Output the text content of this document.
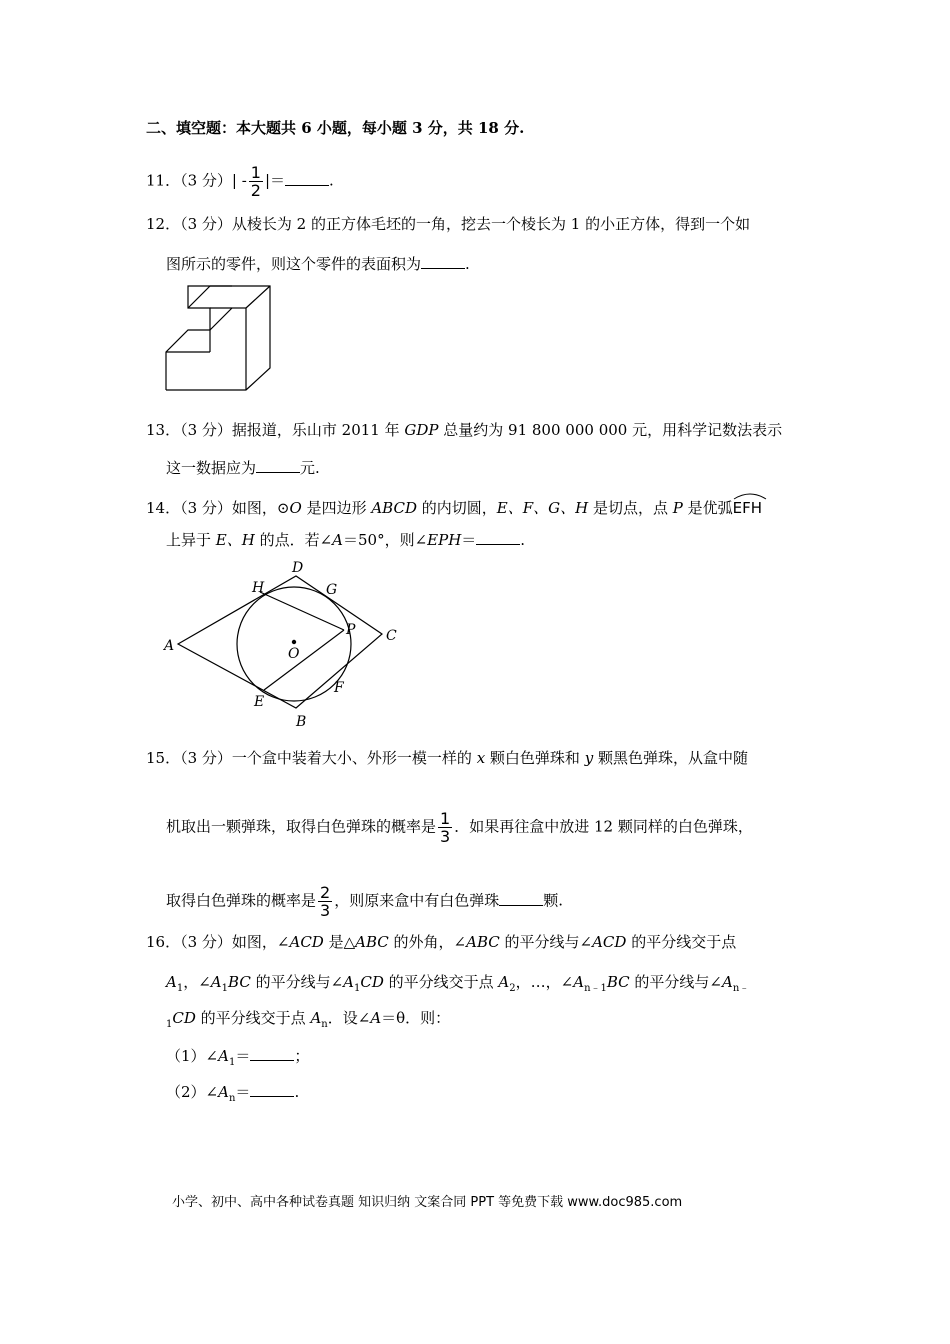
二、填空题：本大题共 6 小题，每小题 3 分，共 18 分.
11．（3 分）| - $\frac{1}{2}$ |＝	.
12．（3 分）从棱长为 2 的正方体毛坯的一角，挖去一个棱长为 1 的小正方体，得到一个如
图所示的零件，则这个零件的表面积为	.
13．（3 分）据报道，乐山市 2011 年 GDP 总量约为 91 800 000 000 元，用科学记数法表示
这一数据应为	元.
14．（3 分）如图，⊙O 是四边形 ABCD 的内切圆，E、F、G、H 是切点，点 P 是优弧
EFH
上异于 E、H 的点．若∠A＝50°，则∠EPH＝	.
A
B
C
D
E
F
G
H
O
P
15．（3 分）一个盒中装着大小、外形一模一样的 x 颗白色弹珠和 y 颗黑色弹珠，从盒中随
机取出一颗弹珠，取得白色弹珠的概率是 $\frac{1}{3}$ ．如果再往盒中放进 12 颗同样的白色弹珠，
取得白色弹珠的概率是 $\frac{2}{3}$ ，则原来盒中有白色弹珠	颗.
16．（3 分）如图，∠ACD 是△ABC 的外角，∠ABC 的平分线与∠ACD 的平分线交于点
$A_1$，$\angle A_1BC$ 的平分线与$\angle A_1CD$ 的平分线交于点 $A_2$，…，$\angle A_{n﹣1}BC$ 的平分线与$\angle A_{n﹣}$
$_1$CD 的平分线交于点 $A_n$．设∠A＝θ．则：
$(1)\angle A_1=$	；
$(2)\angle A_n=$	.
小学、初中、高中各种试卷真题 知识归纳 文案合同 PPT 等免费下载 www.doc985.com
